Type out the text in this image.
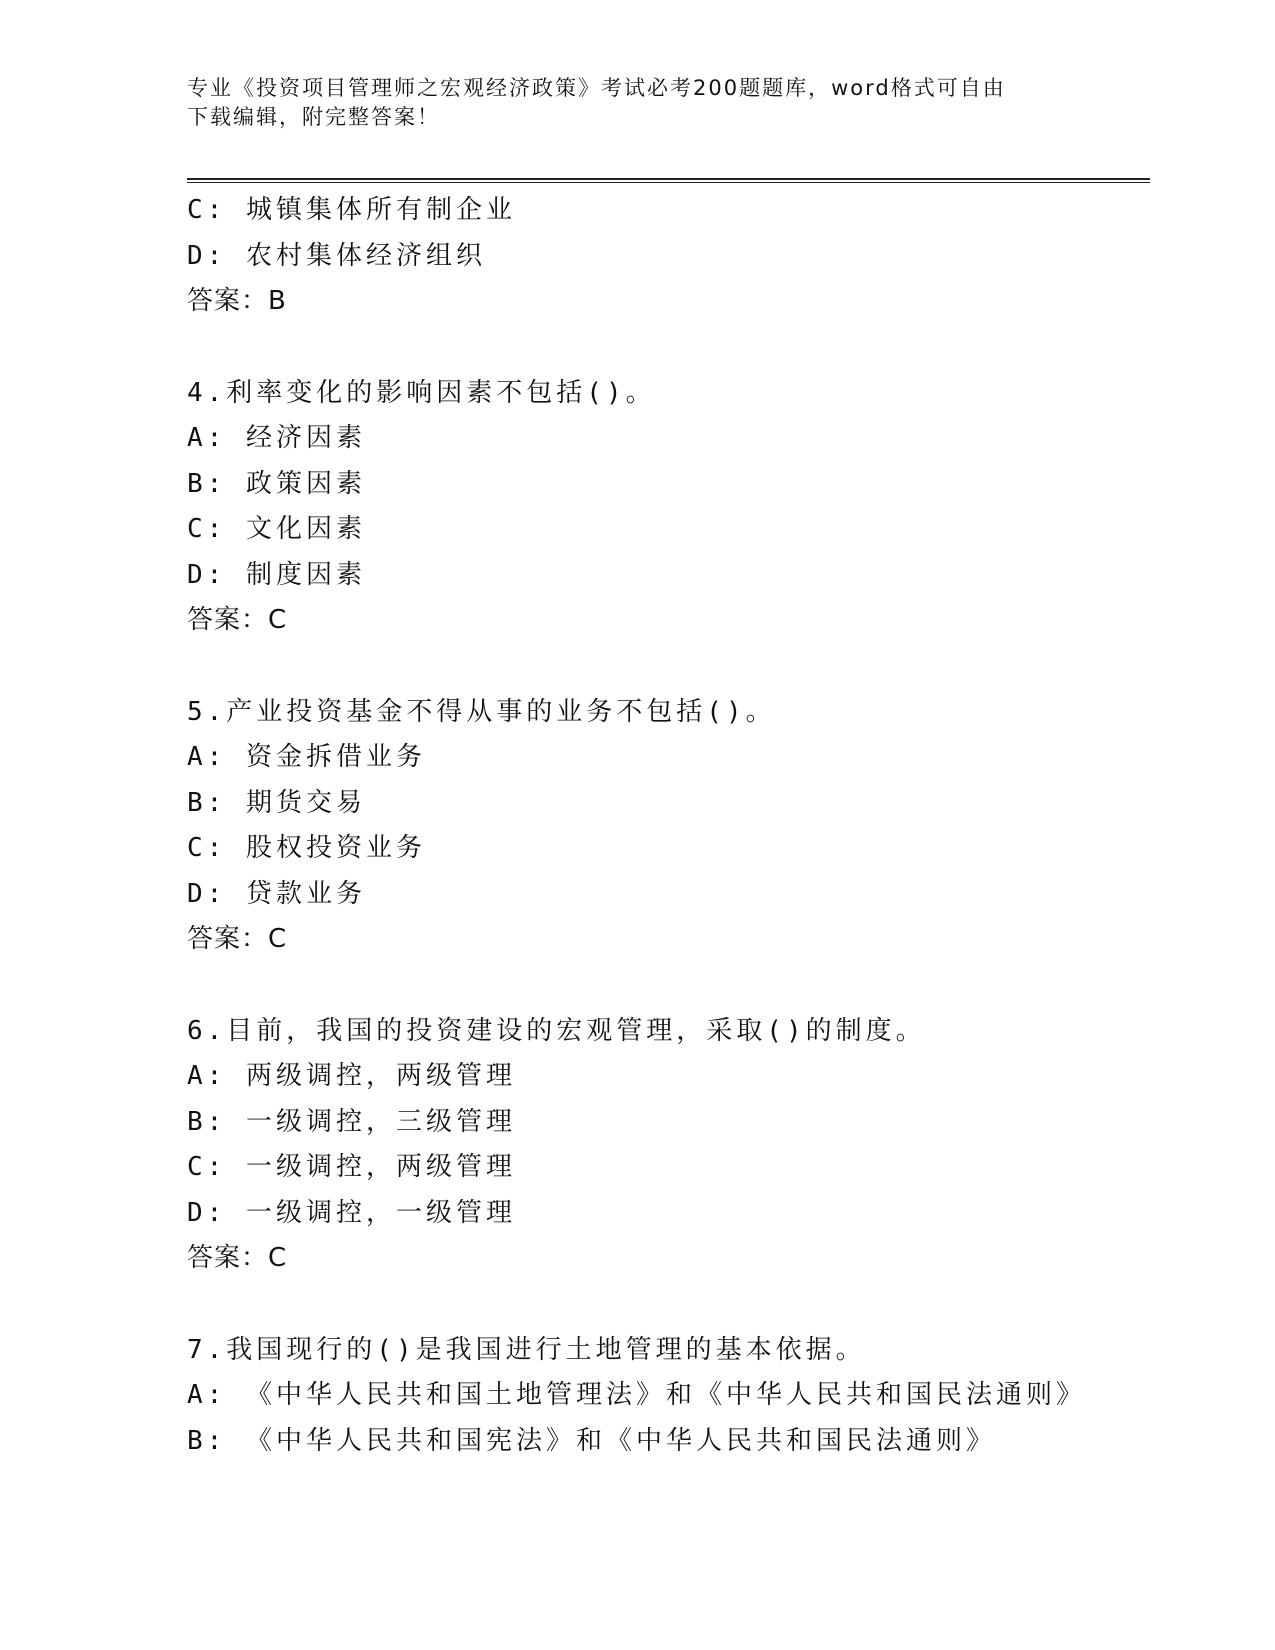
专业《投资项目管理师之宏观经济政策》考试必考200题题库，word格式可自由
下载编辑，附完整答案！
C: 城镇集体所有制企业
D: 农村集体经济组织
答案：B
4.利率变化的影响因素不包括()。
A: 经济因素
B: 政策因素
C: 文化因素
D: 制度因素
答案：C
5.产业投资基金不得从事的业务不包括()。
A: 资金拆借业务
B: 期货交易
C: 股权投资业务
D: 贷款业务
答案：C
6.目前，我国的投资建设的宏观管理，采取()的制度。
A: 两级调控，两级管理
B: 一级调控，三级管理
C: 一级调控，两级管理
D: 一级调控，一级管理
答案：C
7.我国现行的()是我国进行土地管理的基本依据。
A: 《中华人民共和国土地管理法》和《中华人民共和国民法通则》
B: 《中华人民共和国宪法》和《中华人民共和国民法通则》
